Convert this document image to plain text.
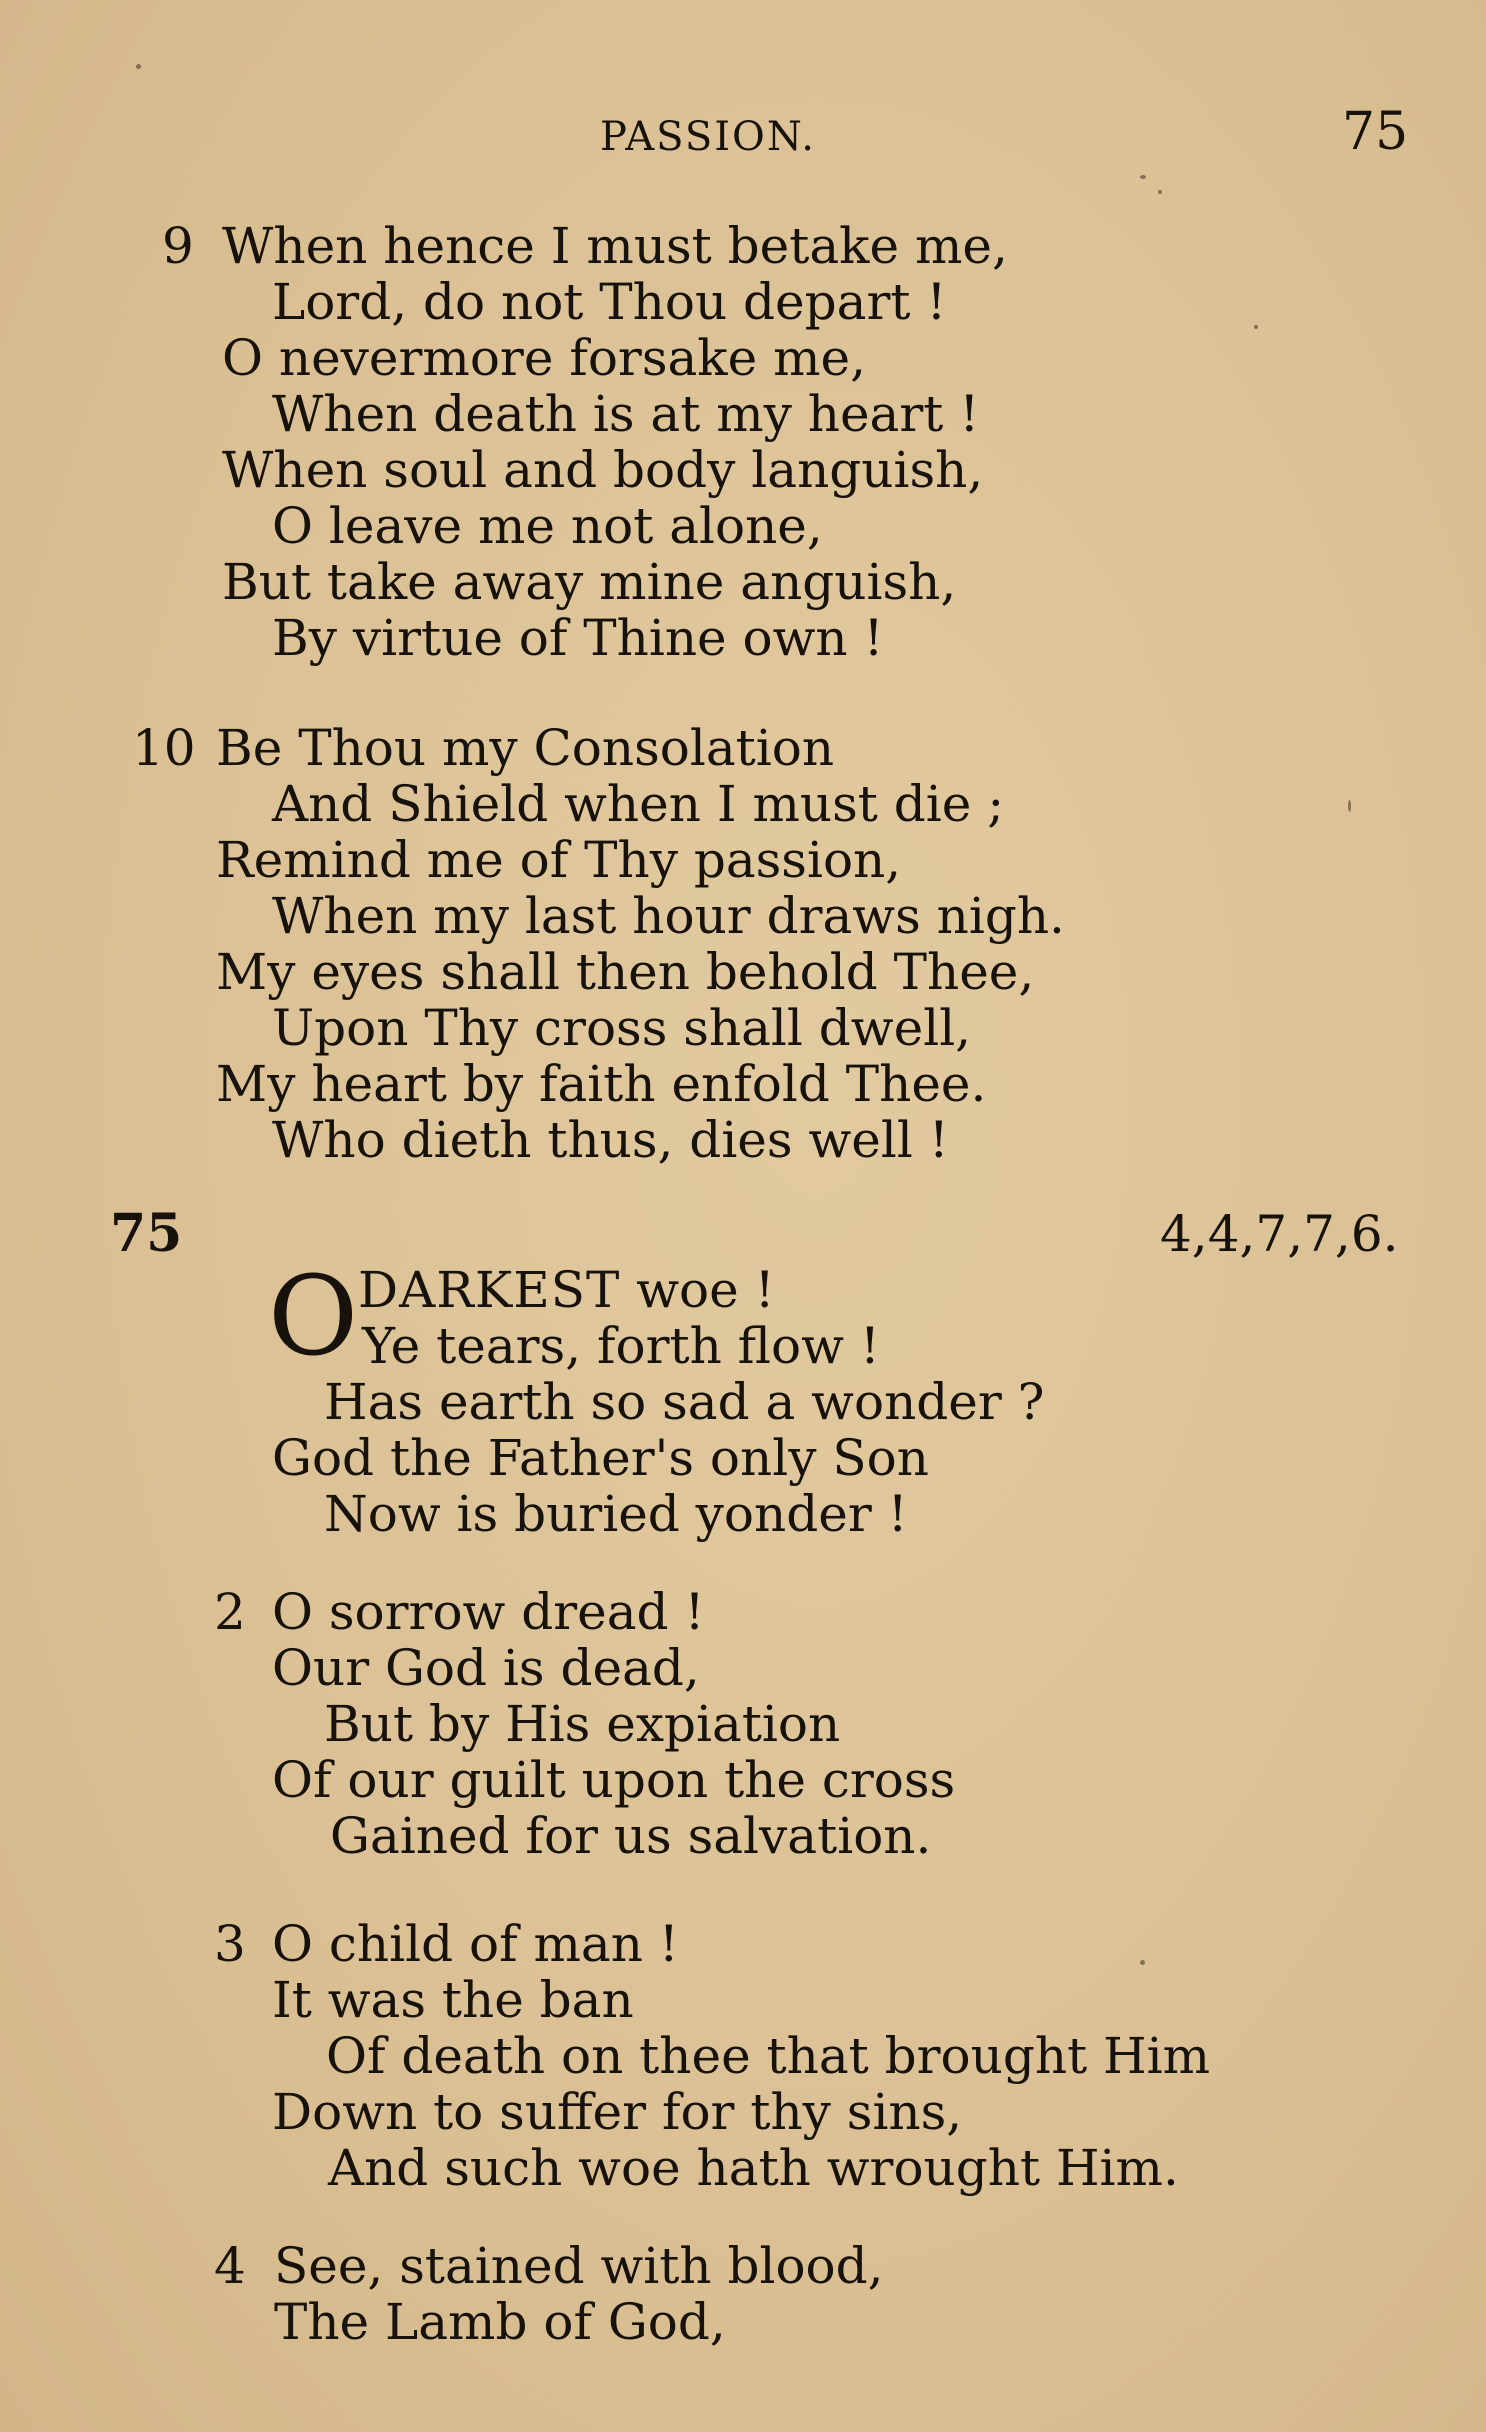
PASSION.	75
9 When hence I must betake me,
Lord, do not Thou depart !
O nevermore forsake me,
When death is at my heart !
When soul and body languish,
O leave me not alone,
But take away mine anguish,
By virtue of Thine own !
10 Be Thou my Consolation
And Shield when I must die ;
Remind me of Thy passion,
When my last hour draws nigh.
My eyes shall then behold Thee,
Upon Thy cross shall dwell,
My heart by faith enfold Thee.
Who dieth thus, dies well !
75	4,4,7,7,6.
O DARKEST woe !
Ye tears, forth flow !
Has earth so sad a wonder ?
God the Father's only Son
Now is buried yonder !
2 O sorrow dread !
Our God is dead,
But by His expiation
Of our guilt upon the cross
Gained for us salvation.
3 O child of man !
It was the ban
Of death on thee that brought Him
Down to suffer for thy sins,
And such woe hath wrought Him.
4 See, stained with blood,
The Lamb of God,
